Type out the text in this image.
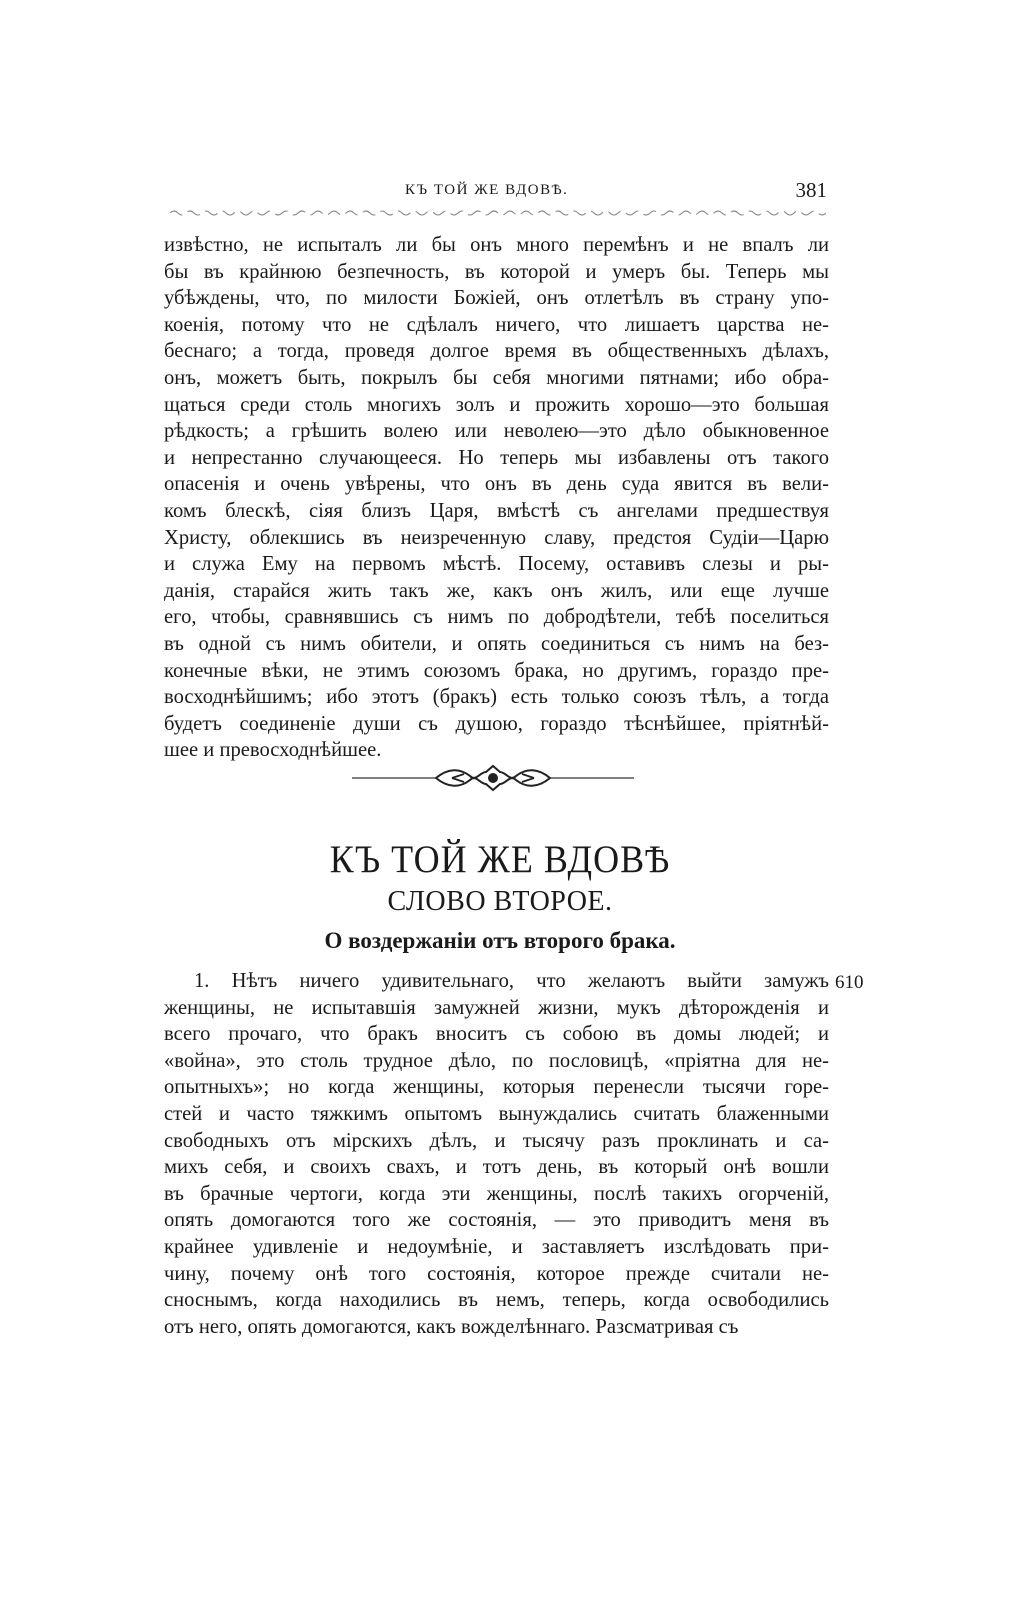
КЪ ТОЙ ЖЕ ВДОВѢ.	381
извѣстно, не испыталъ ли бы онъ много перемѣнъ и не впалъ ли
бы въ крайнюю безпечность, въ которой и умеръ бы. Теперь мы
убѣждены, что, по милости Божіей, онъ отлетѣлъ въ страну упо-
коенія, потому что не сдѣлалъ ничего, что лишаетъ царства не-
беснаго; а тогда, проведя долгое время въ общественныхъ дѣлахъ,
онъ, можетъ быть, покрылъ бы себя многими пятнами; ибо обра-
щаться среди столь многихъ золъ и прожить хорошо—это большая
рѣдкость; а грѣшить волею или неволею—это дѣло обыкновенное
и непрестанно случающееся. Но теперь мы избавлены отъ такого
опасенія и очень увѣрены, что онъ въ день суда явится въ вели-
комъ блескѣ, сіяя близъ Царя, вмѣстѣ съ ангелами предшествуя
Христу, облекшись въ неизреченную славу, предстоя Судіи—Царю
и служа Ему на первомъ мѣстѣ. Посему, оставивъ слезы и ры-
данія, старайся жить такъ же, какъ онъ жилъ, или еще лучше
его, чтобы, сравнявшись съ нимъ по добродѣтели, тебѣ поселиться
въ одной съ нимъ обители, и опять соединиться съ нимъ на без-
конечные вѣки, не этимъ союзомъ брака, но другимъ, гораздо пре-
восходнѣйшимъ; ибо этотъ (бракъ) есть только союзъ тѣлъ, а тогда
будетъ соединеніе души съ душою, гораздо тѣснѣйшее, пріятнѣй-
шее и превосходнѣйшее.
КЪ ТОЙ ЖЕ ВДОВѢ
СЛОВО ВТОРОЕ.
О воздержаніи отъ второго брака.
1. Нѣтъ ничего удивительнаго, что желаютъ выйти замужъ
женщины, не испытавшія замужней жизни, мукъ дѣторожденія и
всего прочаго, что бракъ вноситъ съ собою въ домы людей; и
«война», это столь трудное дѣло, по пословицѣ, «пріятна для не-
опытныхъ»; но когда женщины, которыя перенесли тысячи горе-
стей и часто тяжкимъ опытомъ вынуждались считать блаженными
свободныхъ отъ мірскихъ дѣлъ, и тысячу разъ проклинать и са-
михъ себя, и своихъ свахъ, и тотъ день, въ который онѣ вошли
въ брачные чертоги, когда эти женщины, послѣ такихъ огорченій,
опять домогаются того же состоянія, — это приводитъ меня въ
крайнее удивленіе и недоумѣніе, и заставляетъ изслѣдовать при-
чину, почему онѣ того состоянія, которое прежде считали не-
сноснымъ, когда находились въ немъ, теперь, когда освободились
отъ него, опять домогаются, какъ вожделѣннаго. Разсматривая съ
610
